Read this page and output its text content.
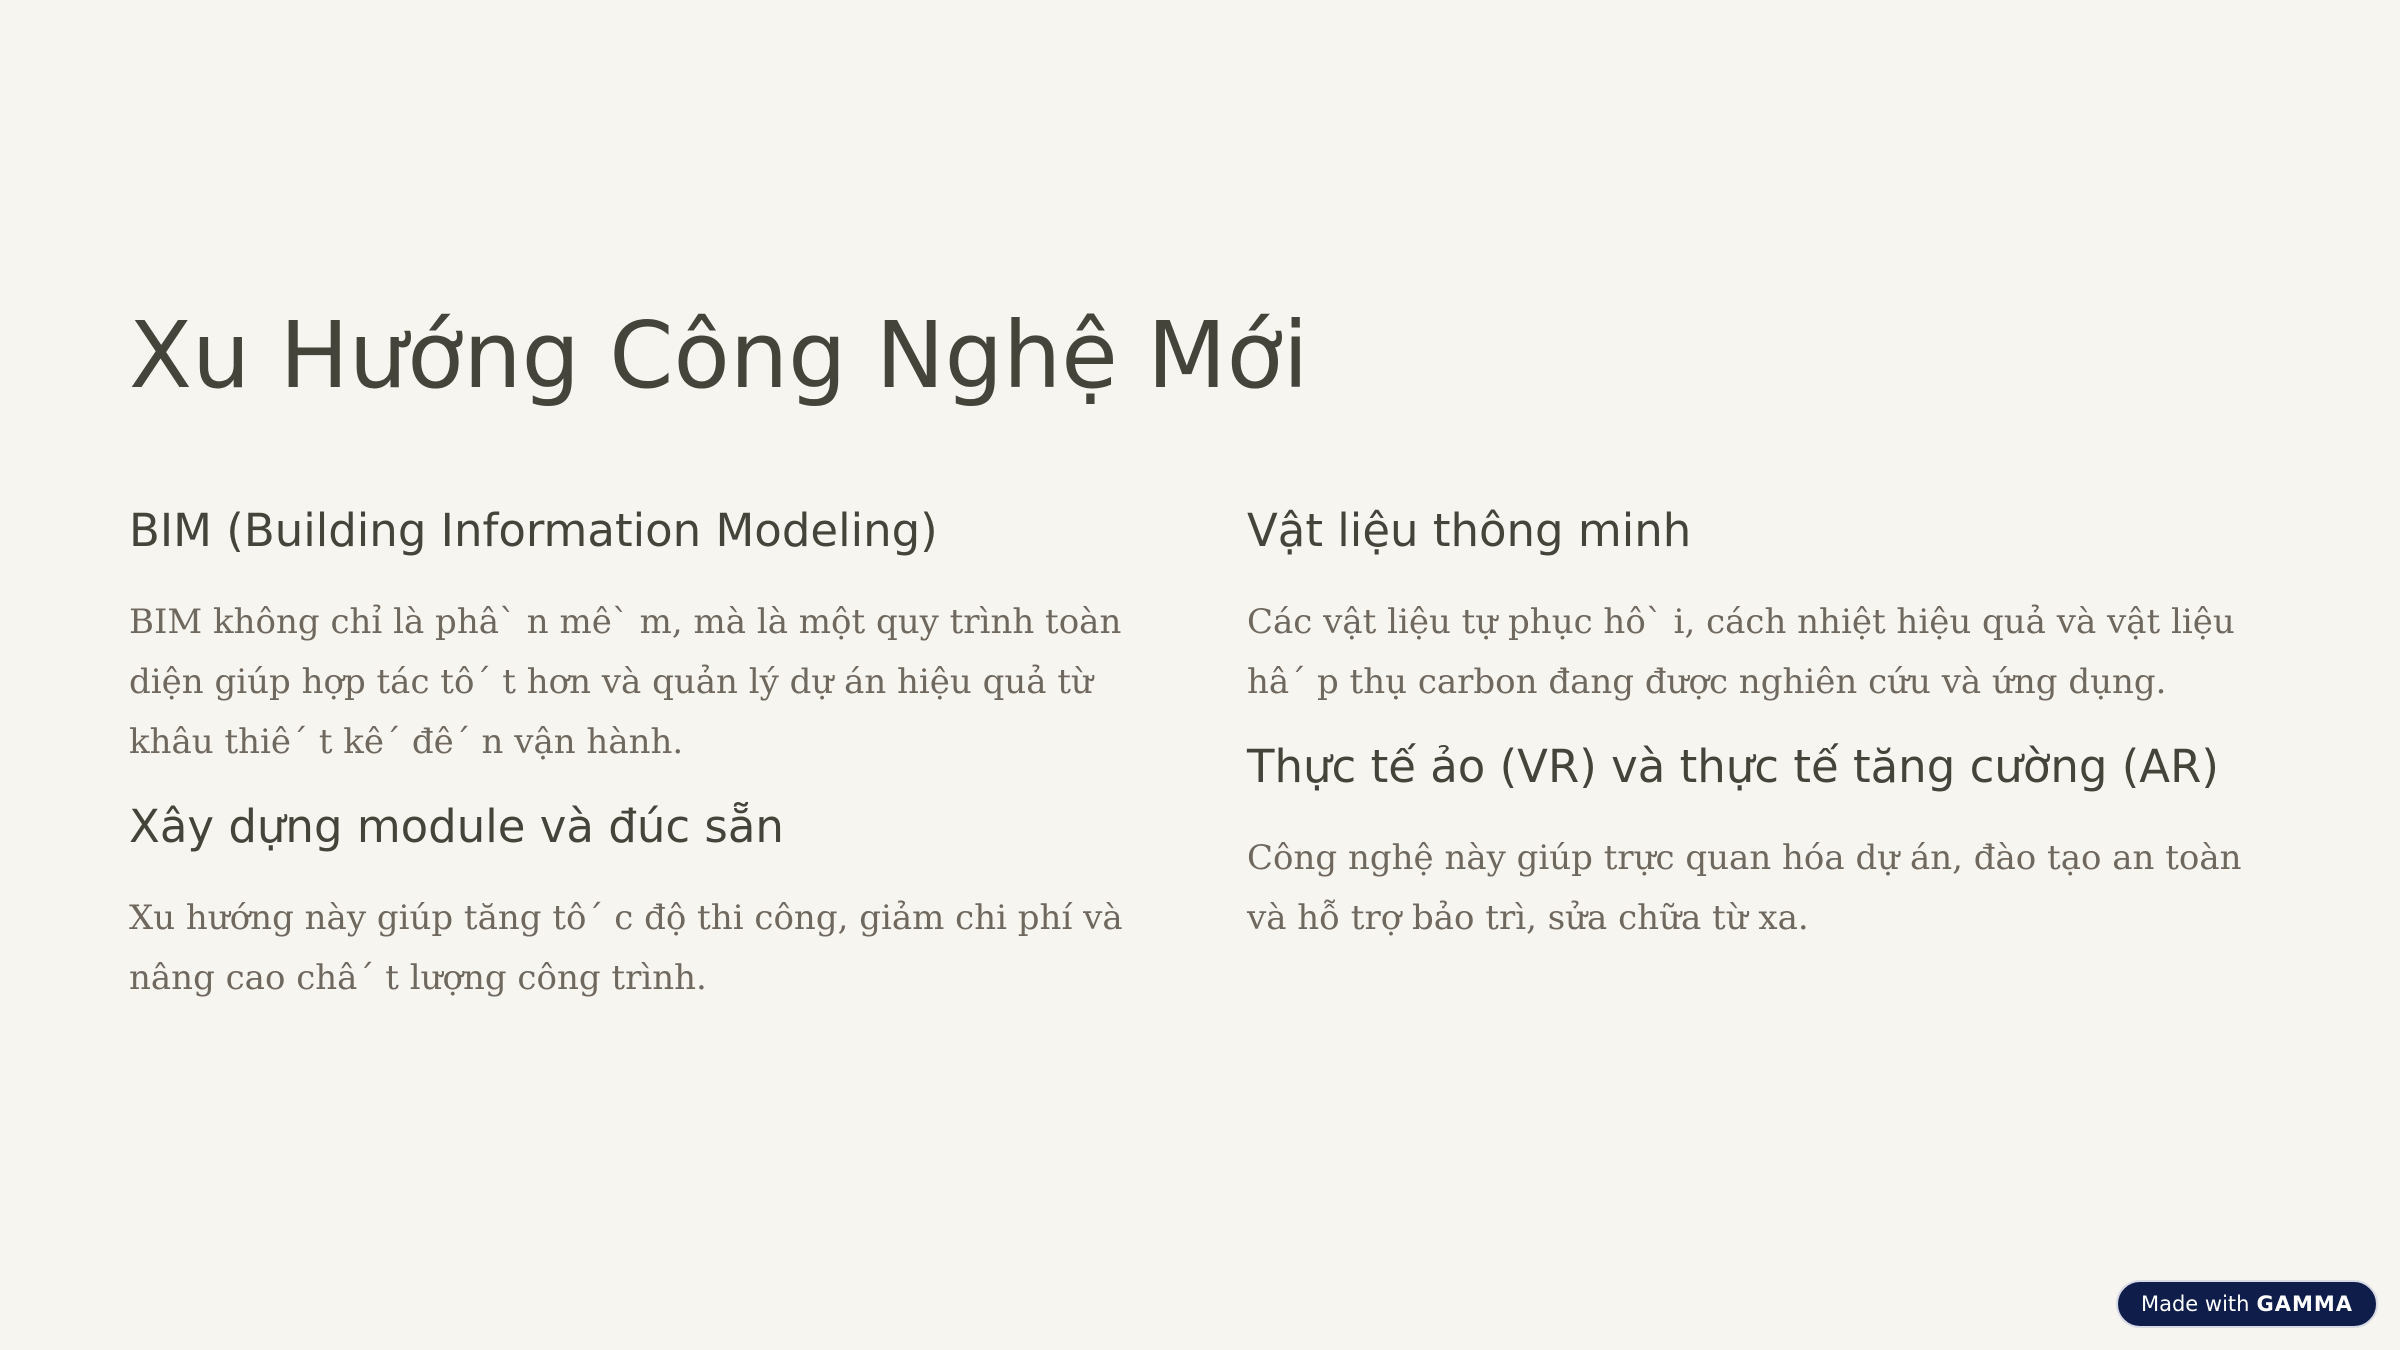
Xu Hướng Công Nghệ Mới
BIM (Building Information Modeling)

BIM không chỉ là phâ` n mê` m, mà là một quy trình toàn diện giúp hợp tác tô´ t hơn và quản lý dự án hiệu quả từ khâu thiê´ t kê´ đê´ n vận hành.

Xây dựng module và đúc sẵn

Xu hướng này giúp tăng tô´ c độ thi công, giảm chi phí và nâng cao châ´ t lượng công trình.

Vật liệu thông minh

Các vật liệu tự phục hô` i, cách nhiệt hiệu quả và vật liệu hâ´ p thụ carbon đang được nghiên cứu và ứng dụng.

Thực tế ảo (VR) và thực tế tăng cường (AR)

Công nghệ này giúp trực quan hóa dự án, đào tạo an toàn và hỗ trợ bảo trì, sửa chữa từ xa.

Made with GAMMA
